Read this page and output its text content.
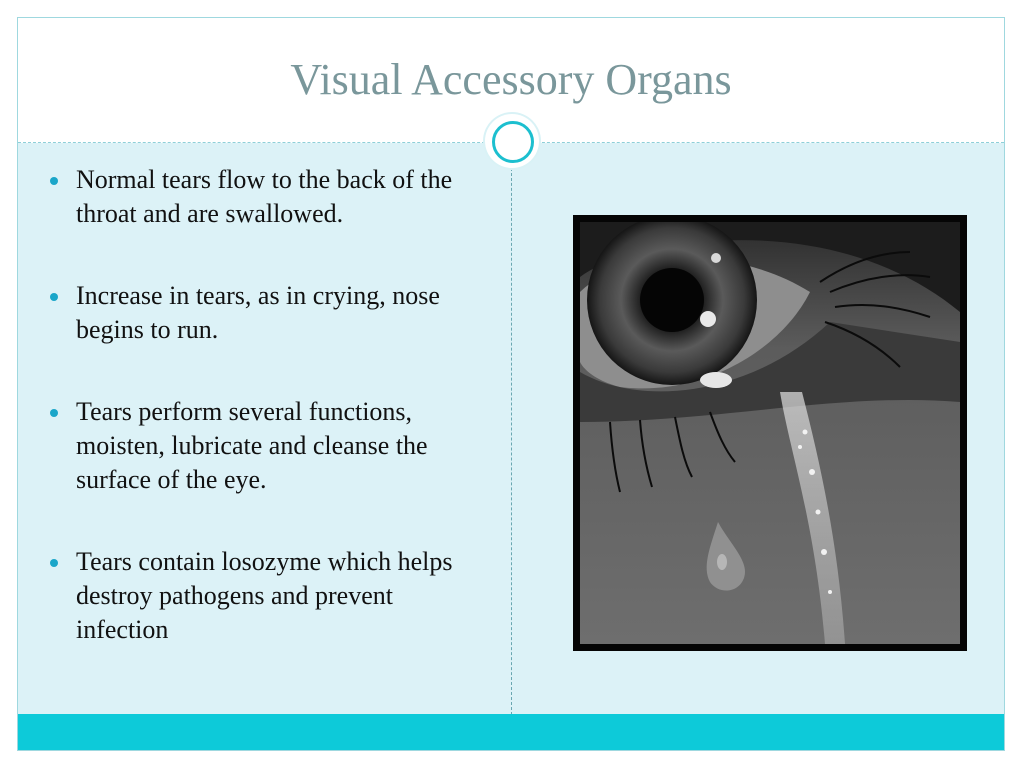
Visual Accessory Organs
Normal tears flow to the back of the throat and are swallowed.
Increase in tears, as in crying, nose begins to run.
Tears perform several functions, moisten, lubricate and cleanse the surface of the eye.
Tears contain losozyme which helps destroy pathogens and prevent infection
